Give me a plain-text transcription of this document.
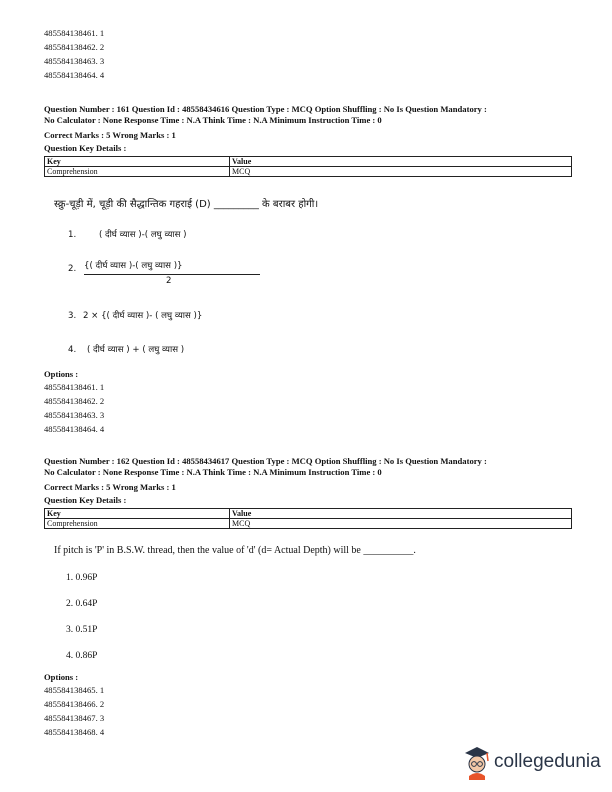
485584138461. 1
485584138462. 2
485584138463. 3
485584138464. 4
Question Number : 161 Question Id : 48558434616 Question Type : MCQ Option Shuffling : No Is Question Mandatory :
No Calculator : None Response Time : N.A Think Time : N.A Minimum Instruction Time : 0
Correct Marks : 5 Wrong Marks : 1
Question Key Details :
Key	Value
Comprehension	MCQ
स्क्रु-चूड़ी में, चूड़ी की सैद्धान्तिक गहराई (D) _________ के बराबर होगी।
1.	( दीर्घ व्यास )-( लघु व्यास )
2. {( दीर्घ व्यास )-( लघु व्यास )}
2
3. 2 × {( दीर्घ व्यास )- ( लघु व्यास )}
4. ( दीर्घ व्यास ) + ( लघु व्यास )
Options :
485584138461. 1
485584138462. 2
485584138463. 3
485584138464. 4
Question Number : 162 Question Id : 48558434617 Question Type : MCQ Option Shuffling : No Is Question Mandatory :
No Calculator : None Response Time : N.A Think Time : N.A Minimum Instruction Time : 0
Correct Marks : 5 Wrong Marks : 1
Question Key Details :
Key	Value
Comprehension	MCQ
If pitch is 'P' in B.S.W. thread, then the value of 'd' (d= Actual Depth) will be __________.
1. 0.96P
2. 0.64P
3. 0.51P
4. 0.86P
Options :
485584138465. 1
485584138466. 2
485584138467. 3
485584138468. 4
collegedunia
